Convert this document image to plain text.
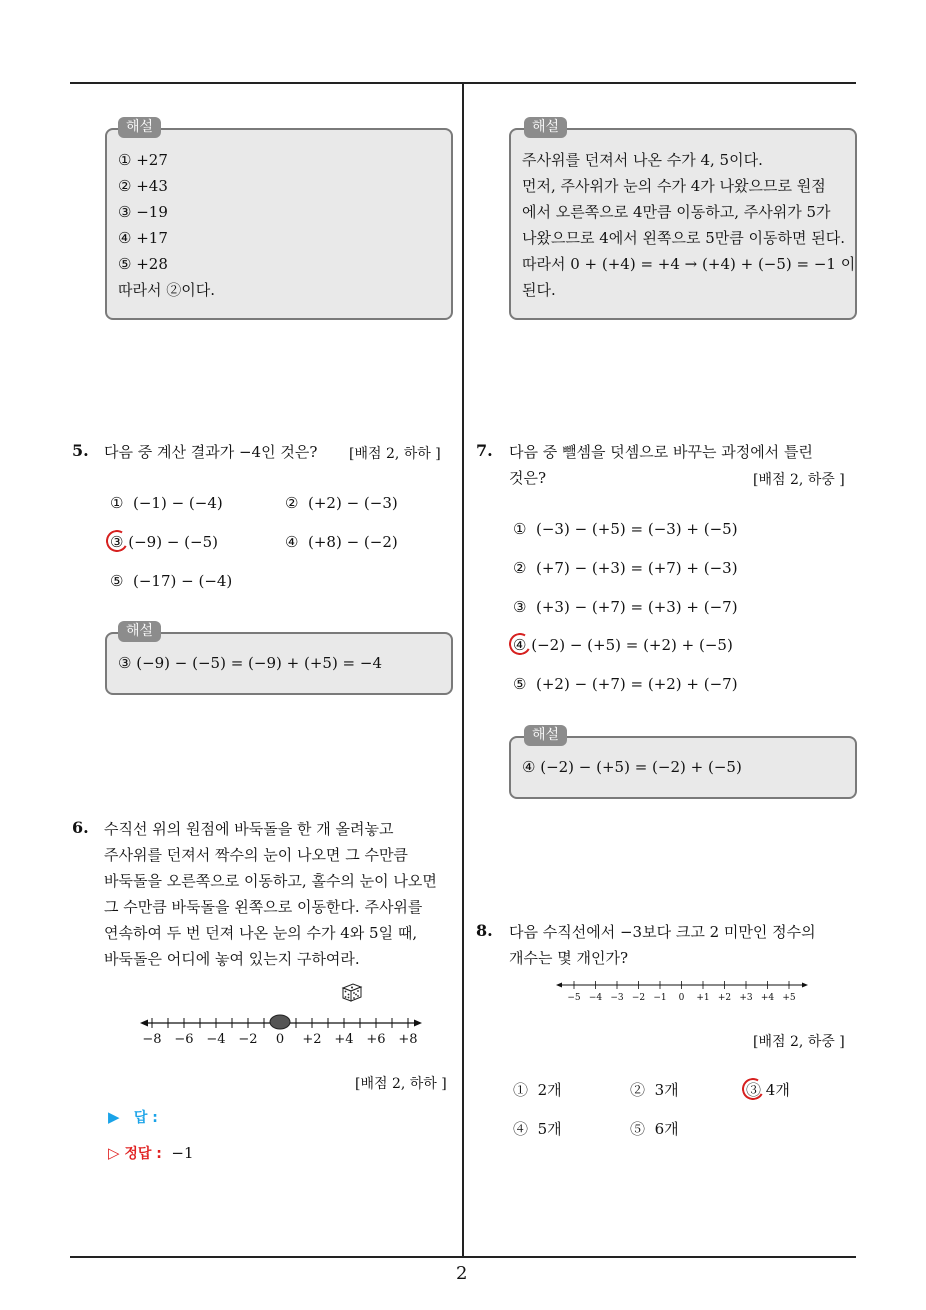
2
해설
① +27
② +43
③ −19
④ +17
⑤ +28
따라서 ②이다.
5. 다음 중 계산 결과가 −4인 것은? [배점 2, 하하 ]
① (−1) − (−4)	② (+2) − (−3)
③ (−9) − (−5)	④ (+8) − (−2)
⑤ (−17) − (−4)
해설
③ (−9) − (−5) = (−9) + (+5) = −4
6. 수직선 위의 원점에 바둑돌을 한 개 올려놓고
주사위를 던져서 짝수의 눈이 나오면 그 수만큼
바둑돌을 오른쪽으로 이동하고, 홀수의 눈이 나오면
그 수만큼 바둑돌을 왼쪽으로 이동한다. 주사위를
연속하여 두 번 던져 나온 눈의 수가 4와 5일 때,
바둑돌은 어디에 놓여 있는지 구하여라.
−8 −6 −4 −2 0 +2 +4 +6 +8
[배점 2, 하하 ]
▶ 답 :
▷ 정답 : −1
해설
주사위를 던져서 나온 수가 4, 5이다.
먼저, 주사위가 눈의 수가 4가 나왔으므로 원점
에서 오른쪽으로 4만큼 이동하고, 주사위가 5가
나왔으므로 4에서 왼쪽으로 5만큼 이동하면 된다.
따라서 0 + (+4) = +4 → (+4) + (−5) = −1 이
된다.
7. 다음 중 뺄셈을 덧셈으로 바꾸는 과정에서 틀린
것은?	[배점 2, 하중 ]
① (−3) − (+5) = (−3) + (−5)
② (+7) − (+3) = (+7) + (−3)
③ (+3) − (+7) = (+3) + (−7)
④ (−2) − (+5) = (+2) + (−5)
⑤ (+2) − (+7) = (+2) + (−7)
해설
④ (−2) − (+5) = (−2) + (−5)
8. 다음 수직선에서 −3보다 크고 2 미만인 정수의
개수는 몇 개인가?
−5 −4 −3 −2 −1 0 +1 +2 +3 +4 +5
[배점 2, 하중 ]
① 2개	② 3개	③ 4개
④ 5개	⑤ 6개
